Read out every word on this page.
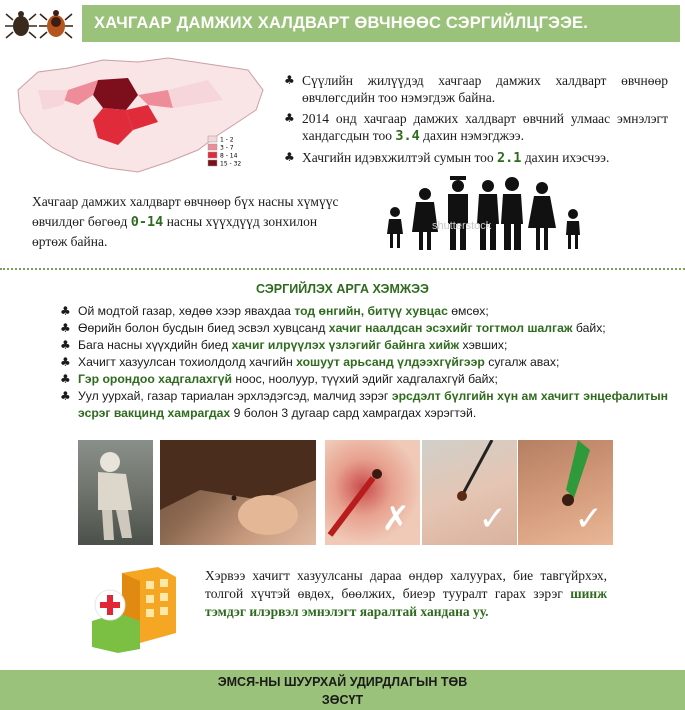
ХАЧГААР ДАМЖИХ ХАЛДВАРТ ӨВЧНӨӨС СЭРГИЙЛЦГЭЭЕ.
1 - 2
3 - 7
8 - 14
15 - 32
♣ Сүүлийн жилүүдэд хачгаар дамжих халдварт өвчнөөр өвчлөгсдийн тоо нэмэгдэж байна.
♣ 2014 онд хачгаар дамжих халдварт өвчний улмаас эмнэлэгт хандагсдын тоо 3.4 дахин нэмэгджээ.
♣ Хачгийн идэвхжилтэй сумын тоо 2.1 дахин ихэсчээ.

Хачгаар дамжих халдварт өвчнөөр бүх насны хүмүүс өвчилдөг бөгөөд 0-14 насны хүүхдүүд зонхилон өртөж байна.

shutterstock
СЭРГИЙЛЭХ АРГА ХЭМЖЭЭ
♣ Ой модтой газар, хөдөө хээр явахдаа тод өнгийн, битүү хувцас өмсөх;
♣ Өөрийн болон бусдын биед эсвэл хувцсанд хачиг наалдсан эсэхийг тогтмол шалгаж байх;
♣ Бага насны хүүхдийн биед хачиг илрүүлэх үзлэгийг байнга хийж хэвших;
♣ Хачигт хазуулсан тохиолдолд хачгийн хошуут арьсанд үлдээхгүйгээр сугалж авах;
♣ Гэр орондоо хадгалахгүй ноос, ноолуур, түүхий эдийг хадгалахгүй байх;
♣ Уул уурхай, газар тариалан эрхлэдэгсэд, малчид зэрэг эрсдэлт бүлгийн хүн ам хачигт энцефалитын эсрэг вакцинд хамрагдах 9 болон 3 дугаар сард хамрагдах хэрэгтэй.
✗ ✓ ✓

Хэрвээ хачигт хазуулсаны дараа өндөр халуурах, бие тавгүйрхэх, толгой хүчтэй өвдөх, бөөлжих, биеэр тууралт гарах зэрэг шинж тэмдэг илэрвэл эмнэлэгт яаралтай хандана уу.

ЭМСЯ-НЫ ШУУРХАЙ УДИРДЛАГЫН ТӨВ
ЗӨСҮТ
